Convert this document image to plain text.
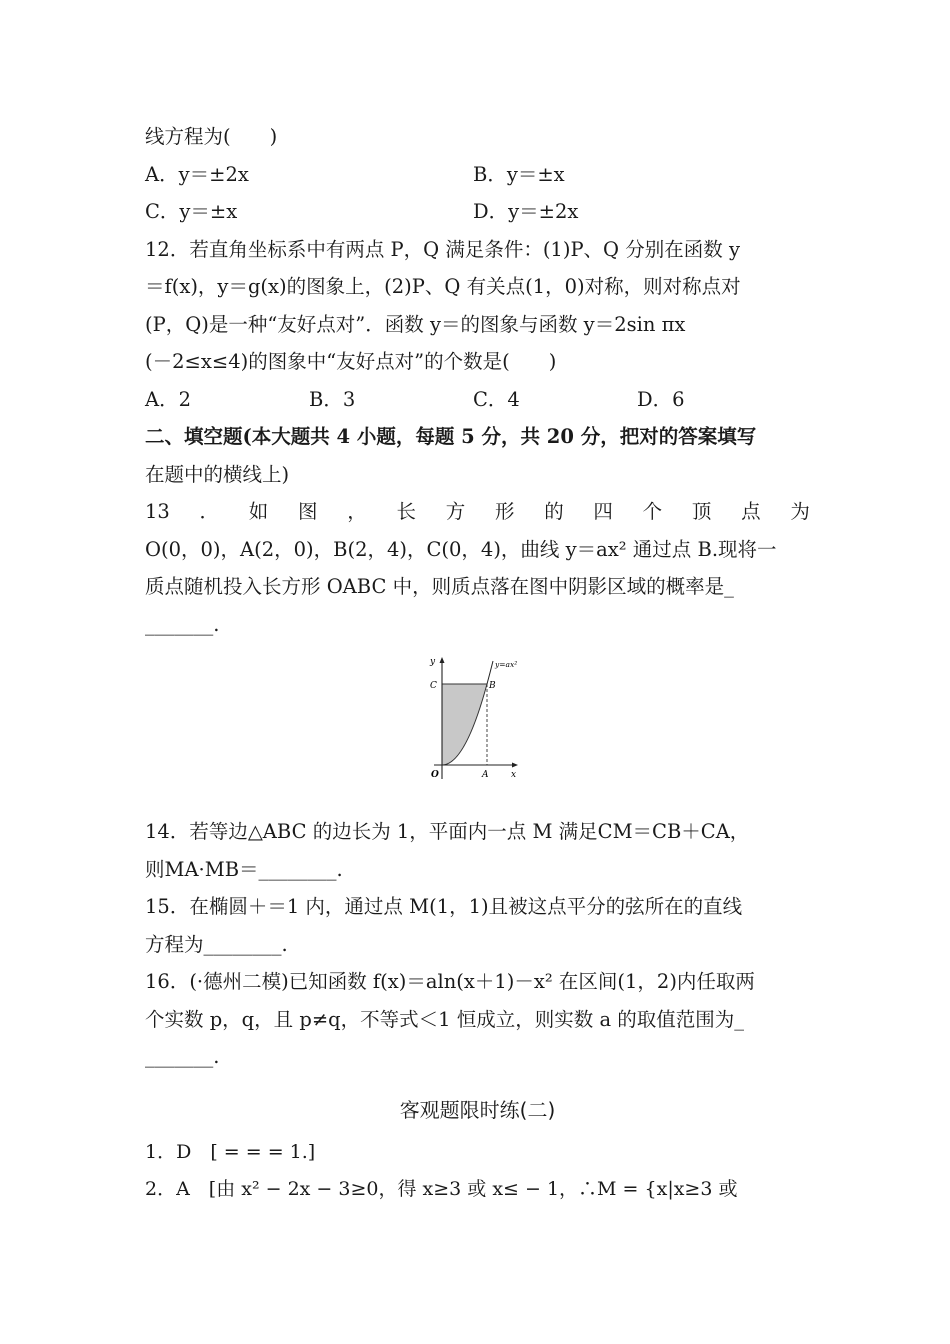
线方程为(　　)
A．y＝±2x	B．y＝±x
C．y＝±x	D．y＝±2x
12．若直角坐标系中有两点 P，Q 满足条件：(1)P、Q 分别在函数 y
＝f(x)，y＝g(x)的图象上，(2)P、Q 有关点(1，0)对称，则对称点对
(P，Q)是一种“友好点对”．函数 y＝的图象与函数 y＝2sin πx
(－2≤x≤4)的图象中“友好点对”的个数是(　　)
A．2	B．3	C．4	D．6
二、填空题(本大题共 4 小题，每题 5 分，共 20 分，把对的答案填写
在题中的横线上)
13 ． 如 图 ， 长 方 形 的 四 个 顶 点 为
O(0，0)，A(2，0)，B(2，4)，C(0，4)，曲线 y＝ax² 通过点 B.现将一
质点随机投入长方形 OABC 中，则质点落在图中阴影区域的概率是_
_______.
y
x
O	A
B
C
y=ax²
14．若等边△ABC 的边长为 1，平面内一点 M 满足CM＝CB＋CA，
则MA·MB＝________.
15．在椭圆＋＝1 内，通过点 M(1，1)且被这点平分的弦所在的直线
方程为________.
16．(·德州二模)已知函数 f(x)＝aln(x＋1)－x² 在区间(1，2)内任取两
个实数 p，q，且 p≠q，不等式＜1 恒成立，则实数 a 的取值范围为_
_______.
客观题限时练(二)
1．D　[ = = = 1.]
2．A　[由 x² − 2x − 3≥0，得 x≥3 或 x≤ − 1，∴M = {x|x≥3 或
